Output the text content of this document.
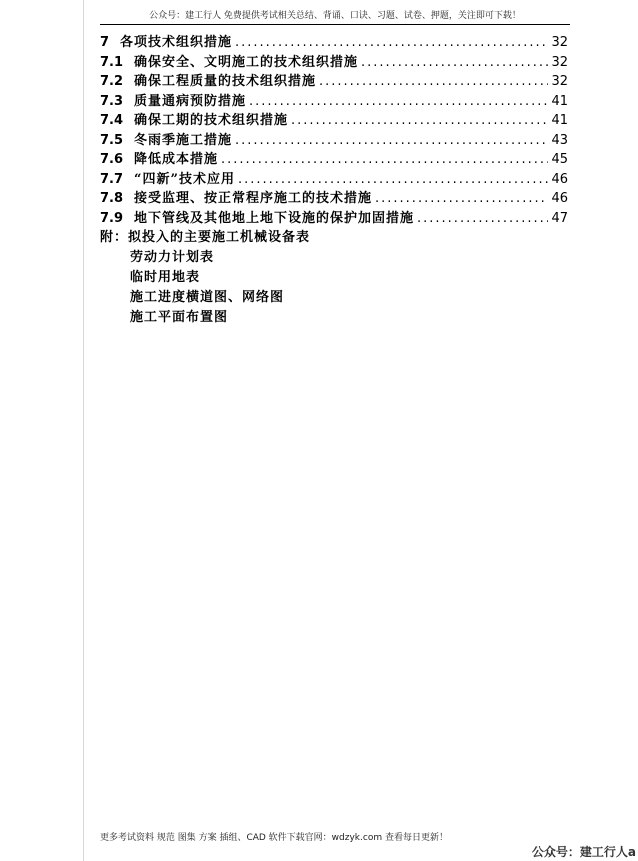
公众号：建工行人 免费提供考试相关总结、背诵、口诀、习题、试卷、押题，关注即可下载！
7 各项技术组织措施 .....	32
7.1 确保安全、文明施工的技术组织措施 .....	32
7.2 确保工程质量的技术组织措施 .....	32
7.3 质量通病预防措施 .....	41
7.4 确保工期的技术组织措施 .....	41
7.5 冬雨季施工措施 .....	43
7.6 降低成本措施 .....	45
7.7 “四新”技术应用 .....	46
7.8 接受监理、按正常程序施工的技术措施 .....	46
7.9 地下管线及其他地上地下设施的保护加固措施 .....	47
附：拟投入的主要施工机械设备表
劳动力计划表
临时用地表
施工进度横道图、网络图
施工平面布置图
更多考试资料 规范 图集 方案 插组、CAD 软件下载官网：wdzyk.com 查看每日更新！
公众号：建工行人a
